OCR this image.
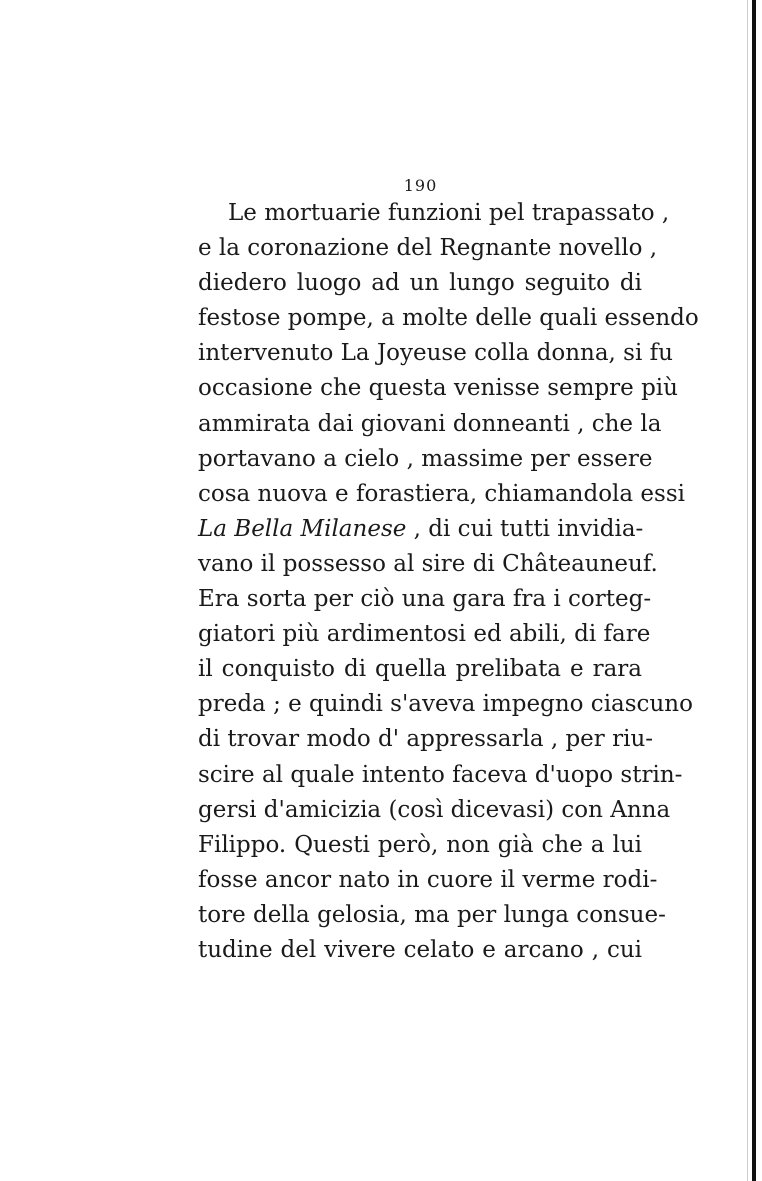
190
Le mortuarie funzioni pel trapassato ,
e la coronazione del Regnante novello ,
diedero luogo ad un lungo seguito di
festose pompe, a molte delle quali essendo
intervenuto La Joyeuse colla donna, si fu
occasione che questa venisse sempre più
ammirata dai giovani donneanti , che la
portavano a cielo , massime per essere
cosa nuova e forastiera, chiamandola essi
La Bella Milanese , di cui tutti invidia-
vano il possesso al sire di Châteauneuf.
Era sorta per ciò una gara fra i corteg-
giatori più ardimentosi ed abili, di fare
il conquisto di quella prelibata e rara
preda ; e quindi s'aveva impegno ciascuno
di trovar modo d' appressarla , per riu-
scire al quale intento faceva d'uopo strin-
gersi d'amicizia (così dicevasi) con Anna
Filippo. Questi però, non già che a lui
fosse ancor nato in cuore il verme rodi-
tore della gelosia, ma per lunga consue-
tudine del vivere celato e arcano , cui
